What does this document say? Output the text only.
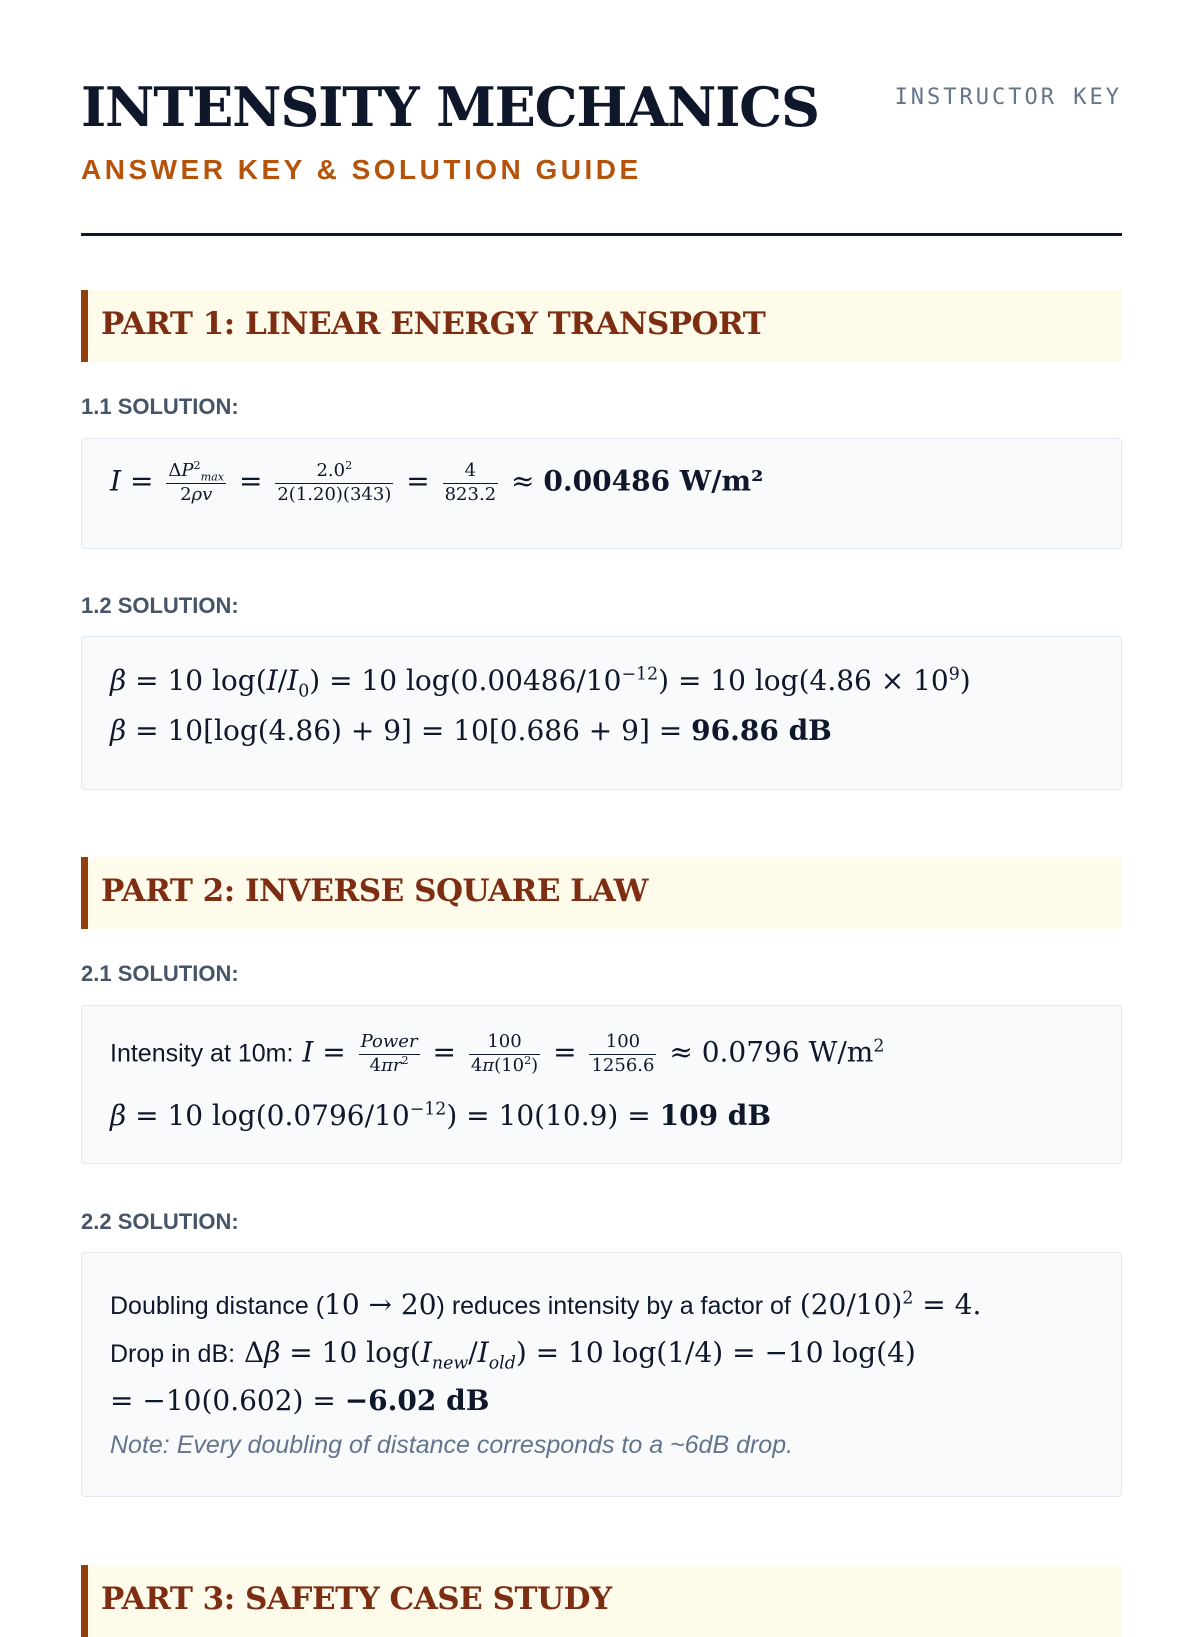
INTENSITY MECHANICS
ANSWER KEY & SOLUTION GUIDE
INSTRUCTOR KEY
PART 1: LINEAR ENERGY TRANSPORT
1.1 SOLUTION:
$I = \frac{\Delta P^2_{max}}{2\rho v} = \frac{2.0^2}{2(1.20)(343)} = \frac{4}{823.2} \approx 0.00486$ W/m²
1.2 SOLUTION:
β = 10 $\log(I/I_0) = 10$ $\log(0.00486/10^{-12}) = 10$ $\log(4.86 \times 10^9)$
β = 10[log(4.86) + 9] = 10[0.686 + 9] = 96.86 dB
PART 2: INVERSE SQUARE LAW
2.1 SOLUTION:
Intensity at 10m: $I = \frac{\text{Power}}{4\pi r^2} = \frac{100}{4\pi(10^2)} = \frac{100}{1256.6} \approx 0.0796$ $W/m^2$
β = 10 $\log(0.0796/10^{-12}) = 10(10.9) = 109$ dB
2.2 SOLUTION:
Doubling distance (10 → 20) reduces intensity by a factor of $(20/10)^2 = 4$.
Drop in dB: Δβ = 10 $\log(I_{new}/I_{old}) = 10$ log(1/4) = −10 log(4)
= −10(0.602) = −6.02 dB
Note: Every doubling of distance corresponds to a ~6dB drop.
PART 3: SAFETY CASE STUDY
